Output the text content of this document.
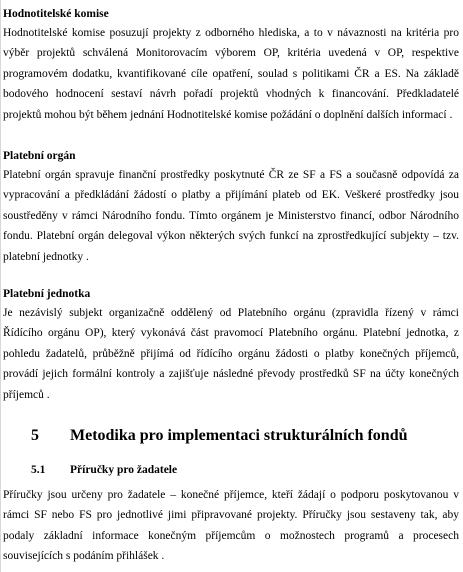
Hodnotitelské komise

Hodnotitelské komise posuzují projekty z odborného hlediska, a to v návaznosti na kritéria pro výběr projektů schválená Monitorovacím výborem OP, kritéria uvedená v OP, respektive programovém dodatku, kvantifikované cíle opatření, soulad s politikami ČR a ES. Na základě bodového hodnocení sestaví návrh pořadí projektů vhodných k financování. Předkladatelé projektů mohou být během jednání Hodnotitelské komise požádání o doplnění dalších informací .

Platební orgán

Platební orgán spravuje finanční prostředky poskytnuté ČR ze SF a FS a současně odpovídá za vypracování a předkládání žádostí o platby a přijímání plateb od EK. Veškeré prostředky jsou soustředěny v rámci Národního fondu. Tímto orgánem je Ministerstvo financí, odbor Národního fondu. Platební orgán delegoval výkon některých svých funkcí na zprostředkující subjekty – tzv. platební jednotky .

Platební jednotka

Je nezávislý subjekt organizačně oddělený od Platebního orgánu (zpravidla řízený v rámci Řídícího orgánu OP), který vykonává část pravomocí Platebního orgánu. Platební jednotka, z pohledu žadatelů, průběžně přijímá od řídícího orgánu žádosti o platby konečných příjemců, provádí jejich formální kontroly a zajišťuje následné převody prostředků SF na účty konečných příjemců .

5 Metodika pro implementaci strukturálních fondů
5.1 Příručky pro žadatele

Příručky jsou určeny pro žadatele – konečné příjemce, kteří žádají o podporu poskytovanou v rámci SF nebo FS pro jednotlivé jimi připravované projekty. Příručky jsou sestaveny tak, aby podaly základní informace konečným příjemcům o možnostech programů a procesech souvisejících s podáním přihlášek .
